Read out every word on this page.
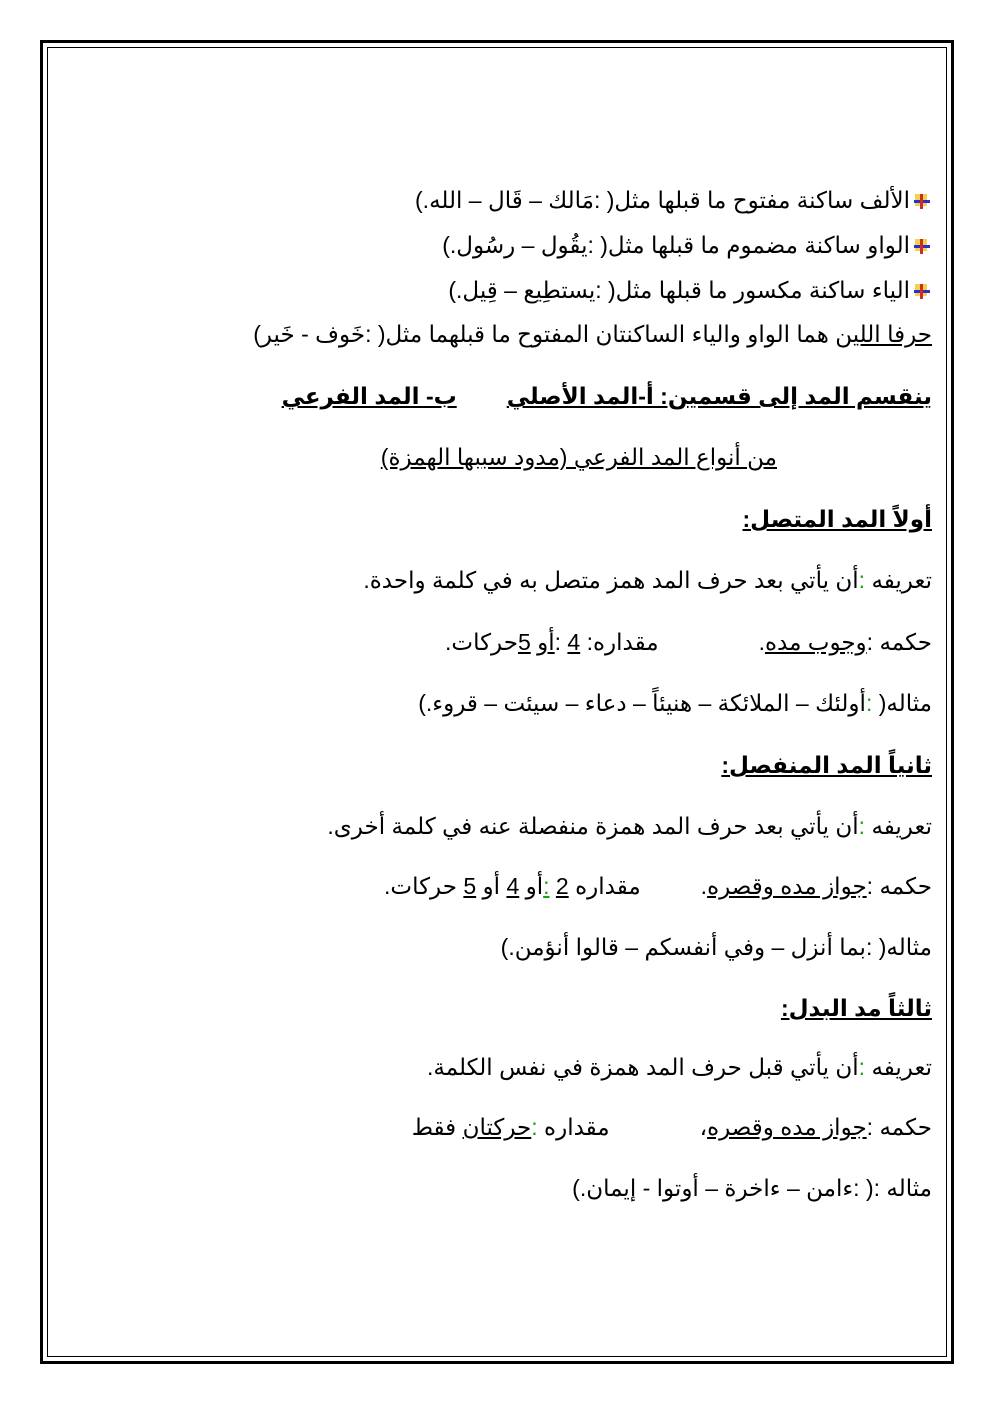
الألف ساكنة مفتوح ما قبلها مثل( :مَالك – قَال – الله.)
الواو ساكنة مضموم ما قبلها مثل( :يقُول – رسُول.)
الياء ساكنة مكسور ما قبلها مثل( :يستطِيع – قِيل.)
حرفا اللين هما الواو والياء الساكنتان المفتوح ما قبلهما مثل( :خَوف - خَير)
ينقسم المد إلى قسمين: أ-المد الأصليب- المد الفرعي
من أنواع المد الفرعي (مدود سببها الهمزة)
أولاً المد المتصل:
تعريفه :أن يأتي بعد حرف المد همز متصل به في كلمة واحدة.
حكمه :وجوب مده.مقداره: 4 :أو 5حركات.
مثاله( :أولئك – الملائكة – هنيئاً – دعاء – سيئت – قروء.)
ثانياً المد المنفصل:
تعريفه :أن يأتي بعد حرف المد همزة منفصلة عنه في كلمة أخرى.
حكمه :جواز مده وقصره.مقداره 2 :أو 4 أو 5 حركات.
مثاله( :بما أنزل – وفي أنفسكم – قالوا أنؤمن.)
ثالثاً مد البدل:
تعريفه :أن يأتي قبل حرف المد همزة في نفس الكلمة.
حكمه :جواز مده وقصره،مقداره :حركتان فقط
مثاله :( :ءامن – ءاخرة – أوتوا - إيمان.)
